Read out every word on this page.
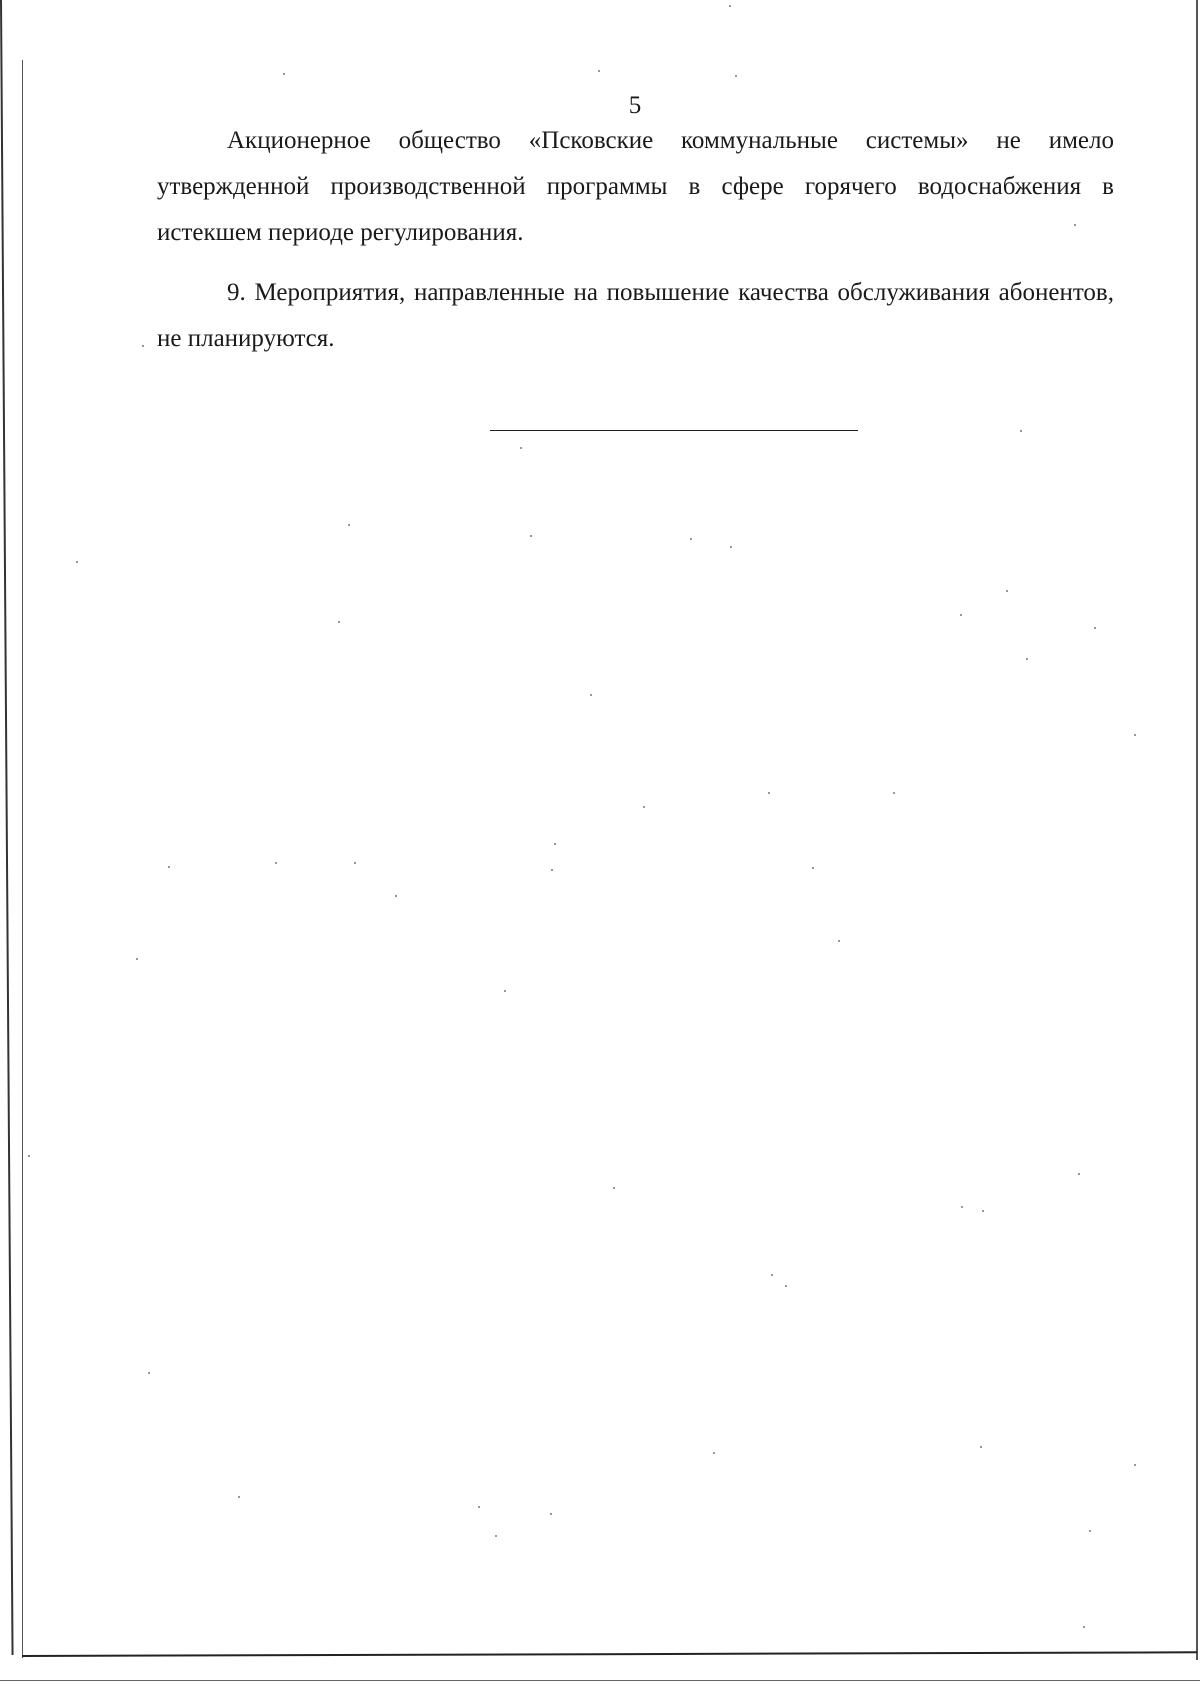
5

Акционерное общество «Псковские коммунальные системы» не имело утвержденной производственной программы в сфере горячего водоснабжения в истекшем периоде регулирования.

9. Мероприятия, направленные на повышение качества обслуживания абонентов, не планируются.
